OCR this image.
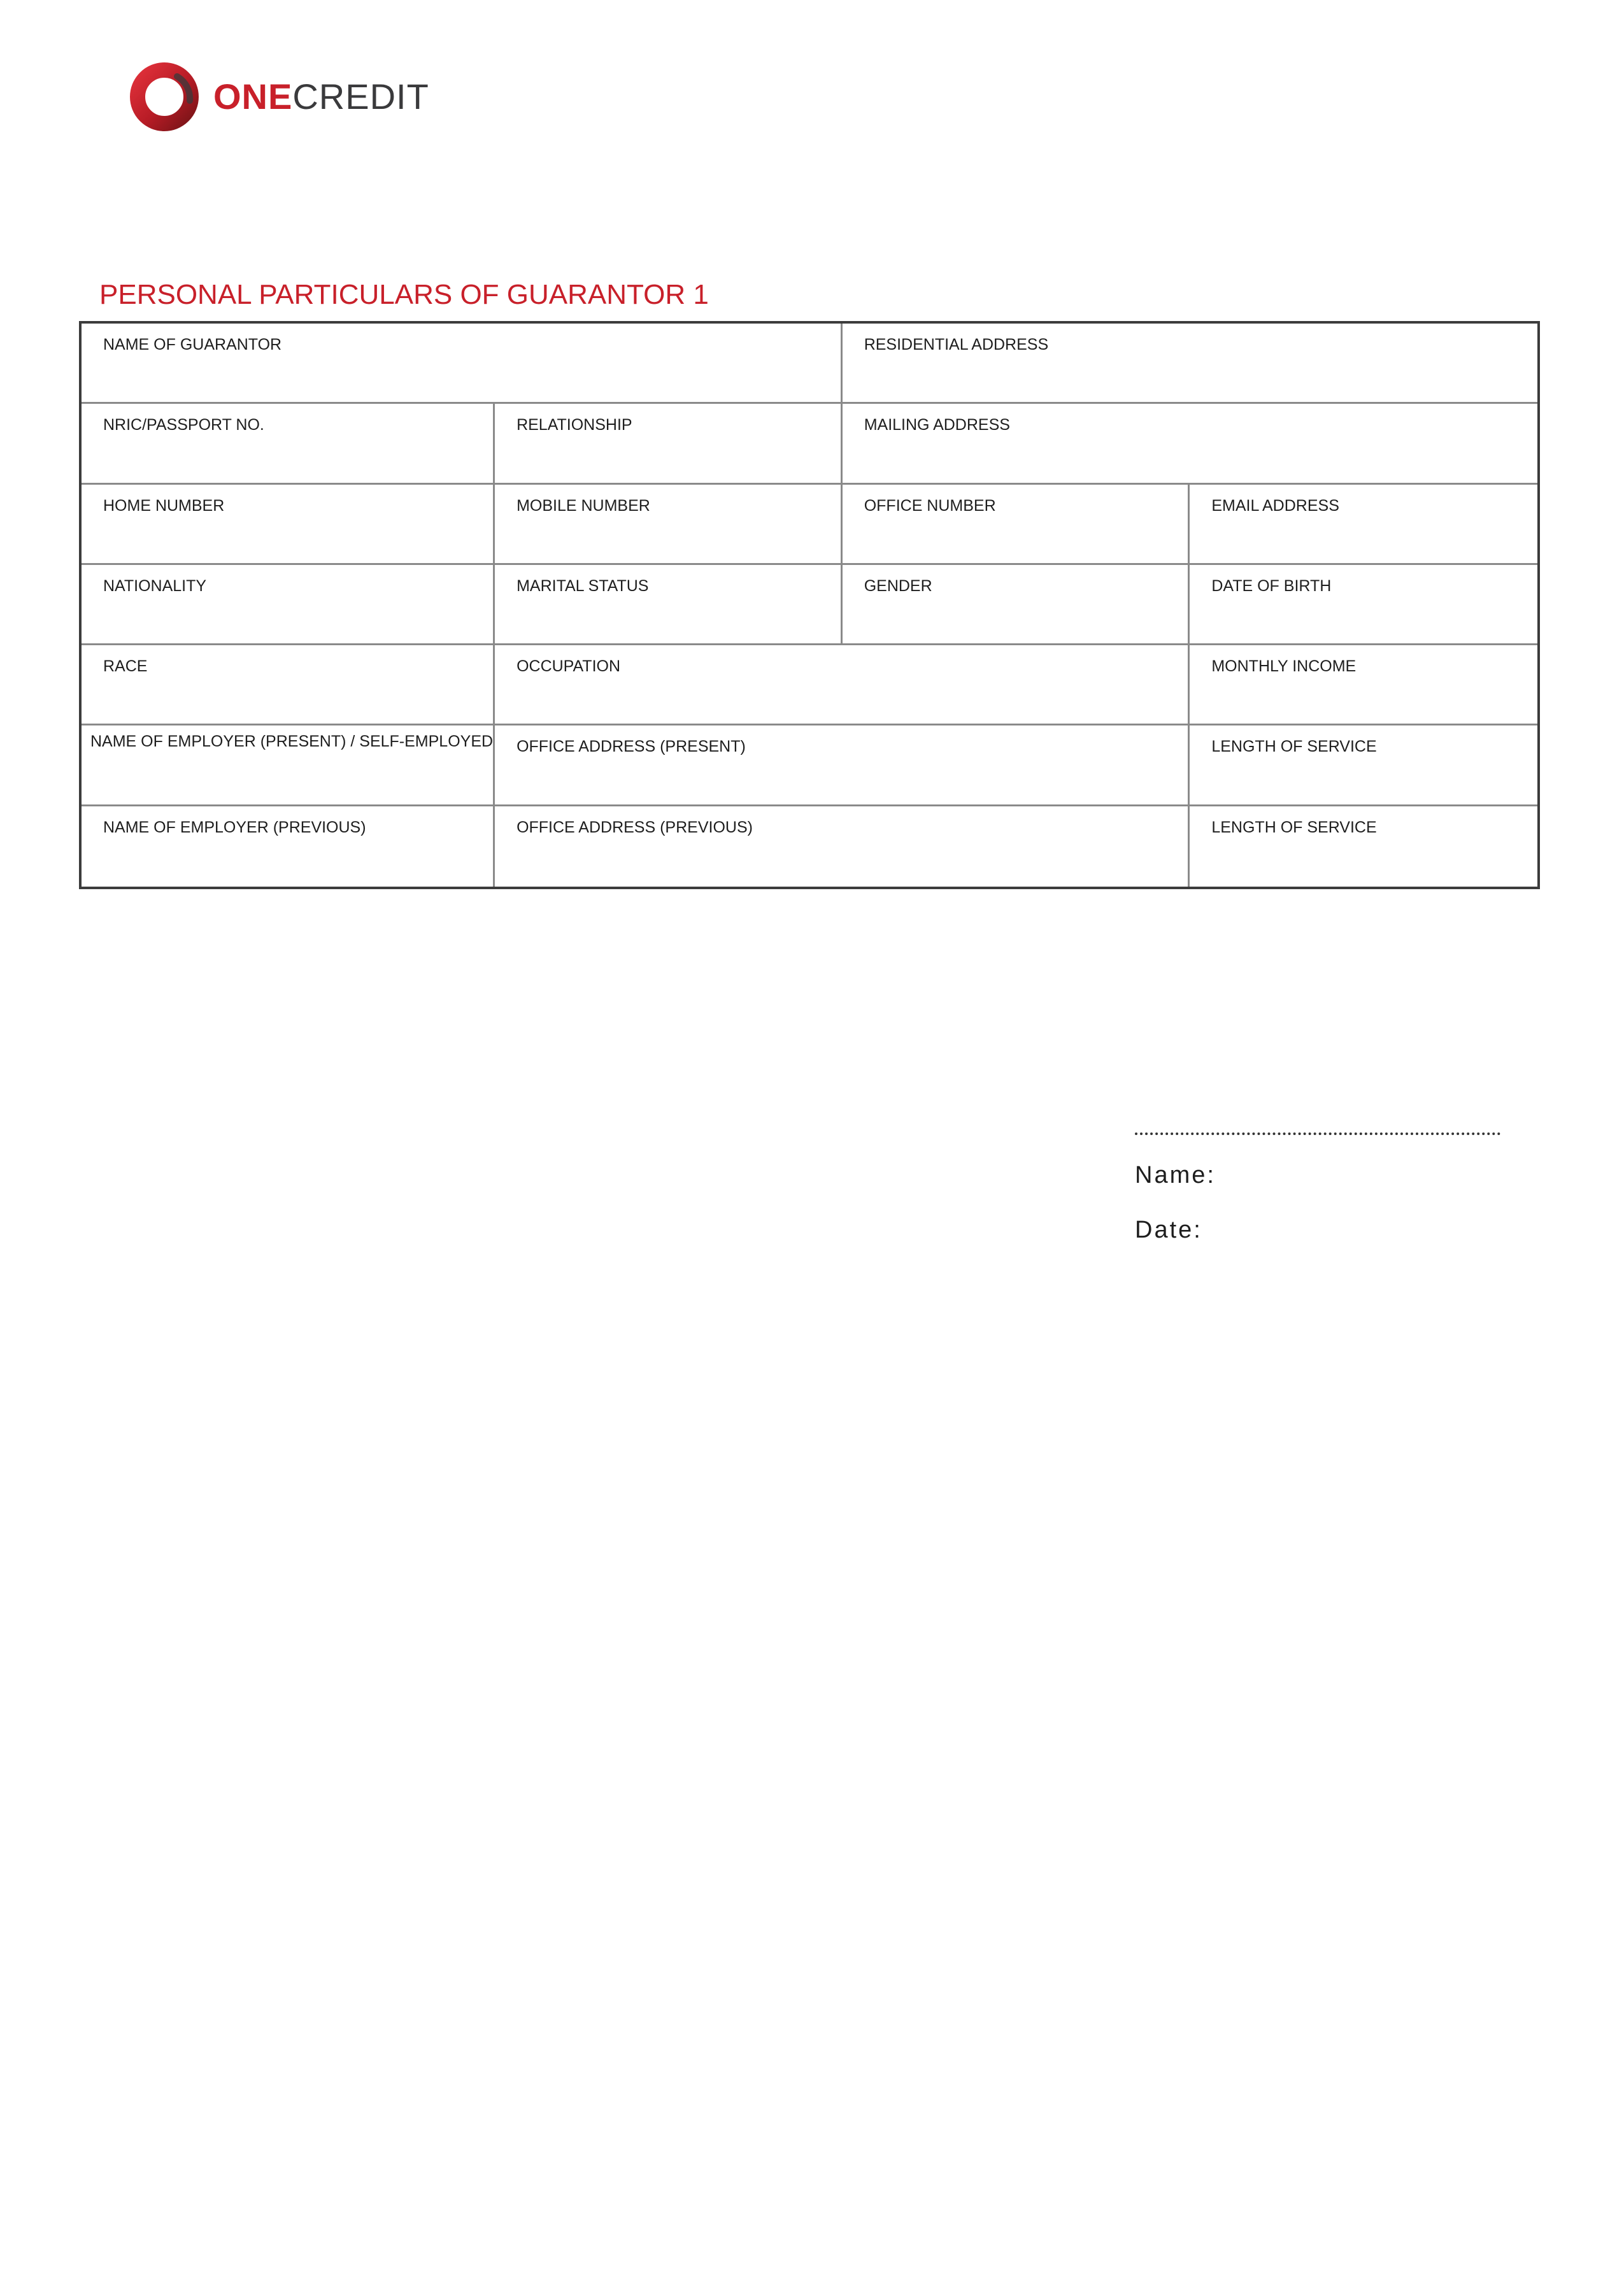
ONECREDIT
PERSONAL PARTICULARS OF GUARANTOR 1
NAME OF GUARANTOR	RESIDENTIAL ADDRESS
NRIC/PASSPORT NO.	RELATIONSHIP	MAILING ADDRESS
HOME NUMBER	MOBILE NUMBER	OFFICE NUMBER	EMAIL ADDRESS
NATIONALITY	MARITAL STATUS	GENDER	DATE OF BIRTH
RACE	OCCUPATION	MONTHLY INCOME
NAME OF EMPLOYER (PRESENT) / SELF-EMPLOYED	OFFICE ADDRESS (PRESENT)	LENGTH OF SERVICE
NAME OF EMPLOYER (PREVIOUS)	OFFICE ADDRESS (PREVIOUS)	LENGTH OF SERVICE
Name:
Date:
